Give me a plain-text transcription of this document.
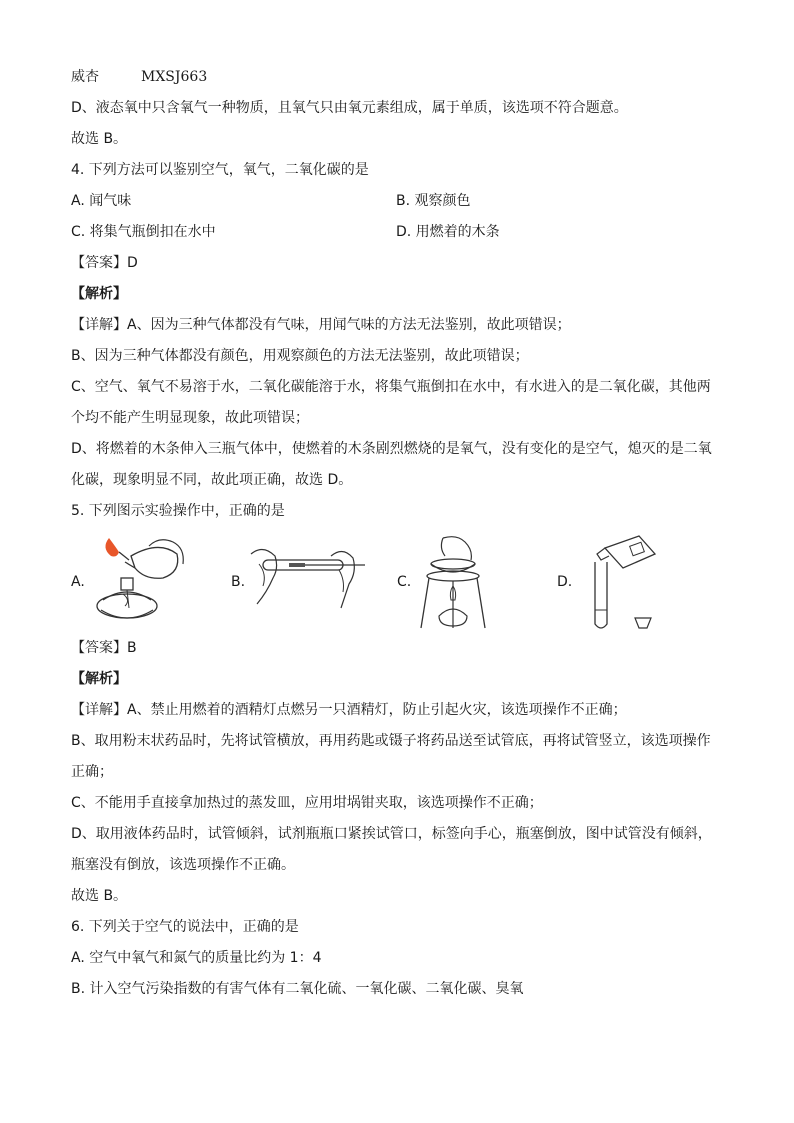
威杏	MXSJ663
D、液态氧中只含氧气一种物质，且氧气只由氧元素组成，属于单质，该选项不符合题意。
故选 B。
4. 下列方法可以鉴别空气，氧气，二氧化碳的是
A. 闻气味	B. 观察颜色
C. 将集气瓶倒扣在水中	D. 用燃着的木条
【答案】D
【解析】
【详解】A、因为三种气体都没有气味，用闻气味的方法无法鉴别，故此项错误；
B、因为三种气体都没有颜色，用观察颜色的方法无法鉴别，故此项错误；
C、空气、氧气不易溶于水，二氧化碳能溶于水，将集气瓶倒扣在水中，有水进入的是二氧化碳，其他两
个均不能产生明显现象，故此项错误；
D、将燃着的木条伸入三瓶气体中，使燃着的木条剧烈燃烧的是氧气，没有变化的是空气，熄灭的是二氧
化碳，现象明显不同，故此项正确，故选 D。
5. 下列图示实验操作中，正确的是
A.	B.	C.	D.
【答案】B
【解析】
【详解】A、禁止用燃着的酒精灯点燃另一只酒精灯，防止引起火灾，该选项操作不正确；
B、取用粉末状药品时，先将试管横放，再用药匙或镊子将药品送至试管底，再将试管竖立，该选项操作
正确；
C、不能用手直接拿加热过的蒸发皿，应用坩埚钳夹取，该选项操作不正确；
D、取用液体药品时，试管倾斜，试剂瓶瓶口紧挨试管口，标签向手心，瓶塞倒放，图中试管没有倾斜，
瓶塞没有倒放，该选项操作不正确。
故选 B。
6. 下列关于空气的说法中，正确的是
A. 空气中氧气和氮气的质量比约为 1：4
B. 计入空气污染指数的有害气体有二氧化硫、一氧化碳、二氧化碳、臭氧
